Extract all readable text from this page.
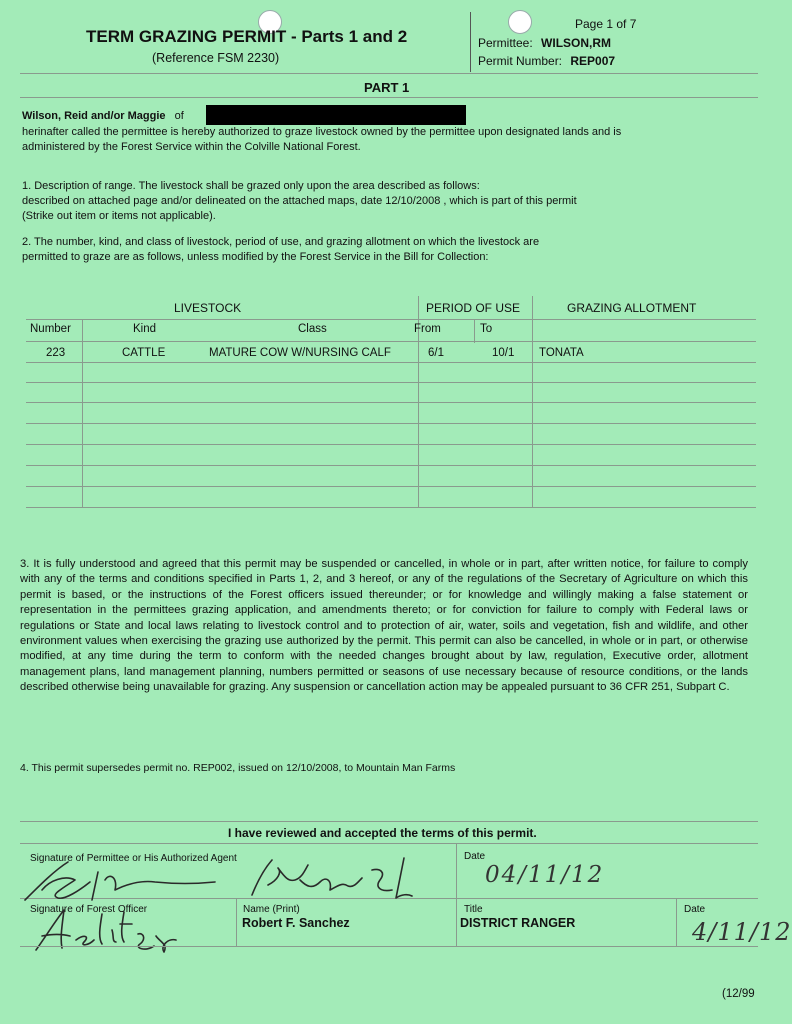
TERM GRAZING PERMIT - Parts 1 and 2
(Reference FSM 2230)
Page 1 of 7
Permittee: WILSON,RM
Permit Number: REP007
PART 1
Wilson, Reid and/or Maggie of
herinafter called the permittee is hereby authorized to graze livestock owned by the permittee upon designated lands and is
administered by the Forest Service within the Colville National Forest.
1. Description of range. The livestock shall be grazed only upon the area described as follows:
described on attached page and/or delineated on the attached maps, date 12/10/2008 , which is part of this permit
(Strike out item or items not applicable).
2. The number, kind, and class of livestock, period of use, and grazing allotment on which the livestock are
permitted to graze are as follows, unless modified by the Forest Service in the Bill for Collection:
LIVESTOCK	PERIOD OF USE	GRAZING ALLOTMENT
Number	Kind	Class	From	To
223	CATTLE	MATURE COW W/NURSING CALF	6/1	10/1 TONATA
3. It is fully understood and agreed that this permit may be suspended or cancelled, in whole or in part, after written notice, for failure to comply with any of the terms and conditions specified in Parts 1, 2, and 3 hereof, or any of the regulations of the Secretary of Agriculture on which this permit is based, or the instructions of the Forest officers issued thereunder; or for knowledge and willingly making a false statement or representation in the permittees grazing application, and amendments thereto; or for conviction for failure to comply with Federal laws or regulations or State and local laws relating to livestock control and to protection of air, water, soils and vegetation, fish and wildlife, and other environment values when exercising the grazing use authorized by the permit. This permit can also be cancelled, in whole or in part, or otherwise modified, at any time during the term to conform with the needed changes brought about by law, regulation, Executive order, allotment management plans, land management planning, numbers permitted or seasons of use necessary because of resource conditions, or the lands described otherwise being unavailable for grazing. Any suspension or cancellation action may be appealed pursuant to 36 CFR 251, Subpart C.
4. This permit supersedes permit no. REP002, issued on 12/10/2008, to Mountain Man Farms
I have reviewed and accepted the terms of this permit.
Signature of Permittee or His Authorized Agent	Date
04/11/12
Signature of Forest Officer	Name (Print)
Robert F. Sanchez
Title
DISTRICT RANGER
Date
4/11/12
(12/99
